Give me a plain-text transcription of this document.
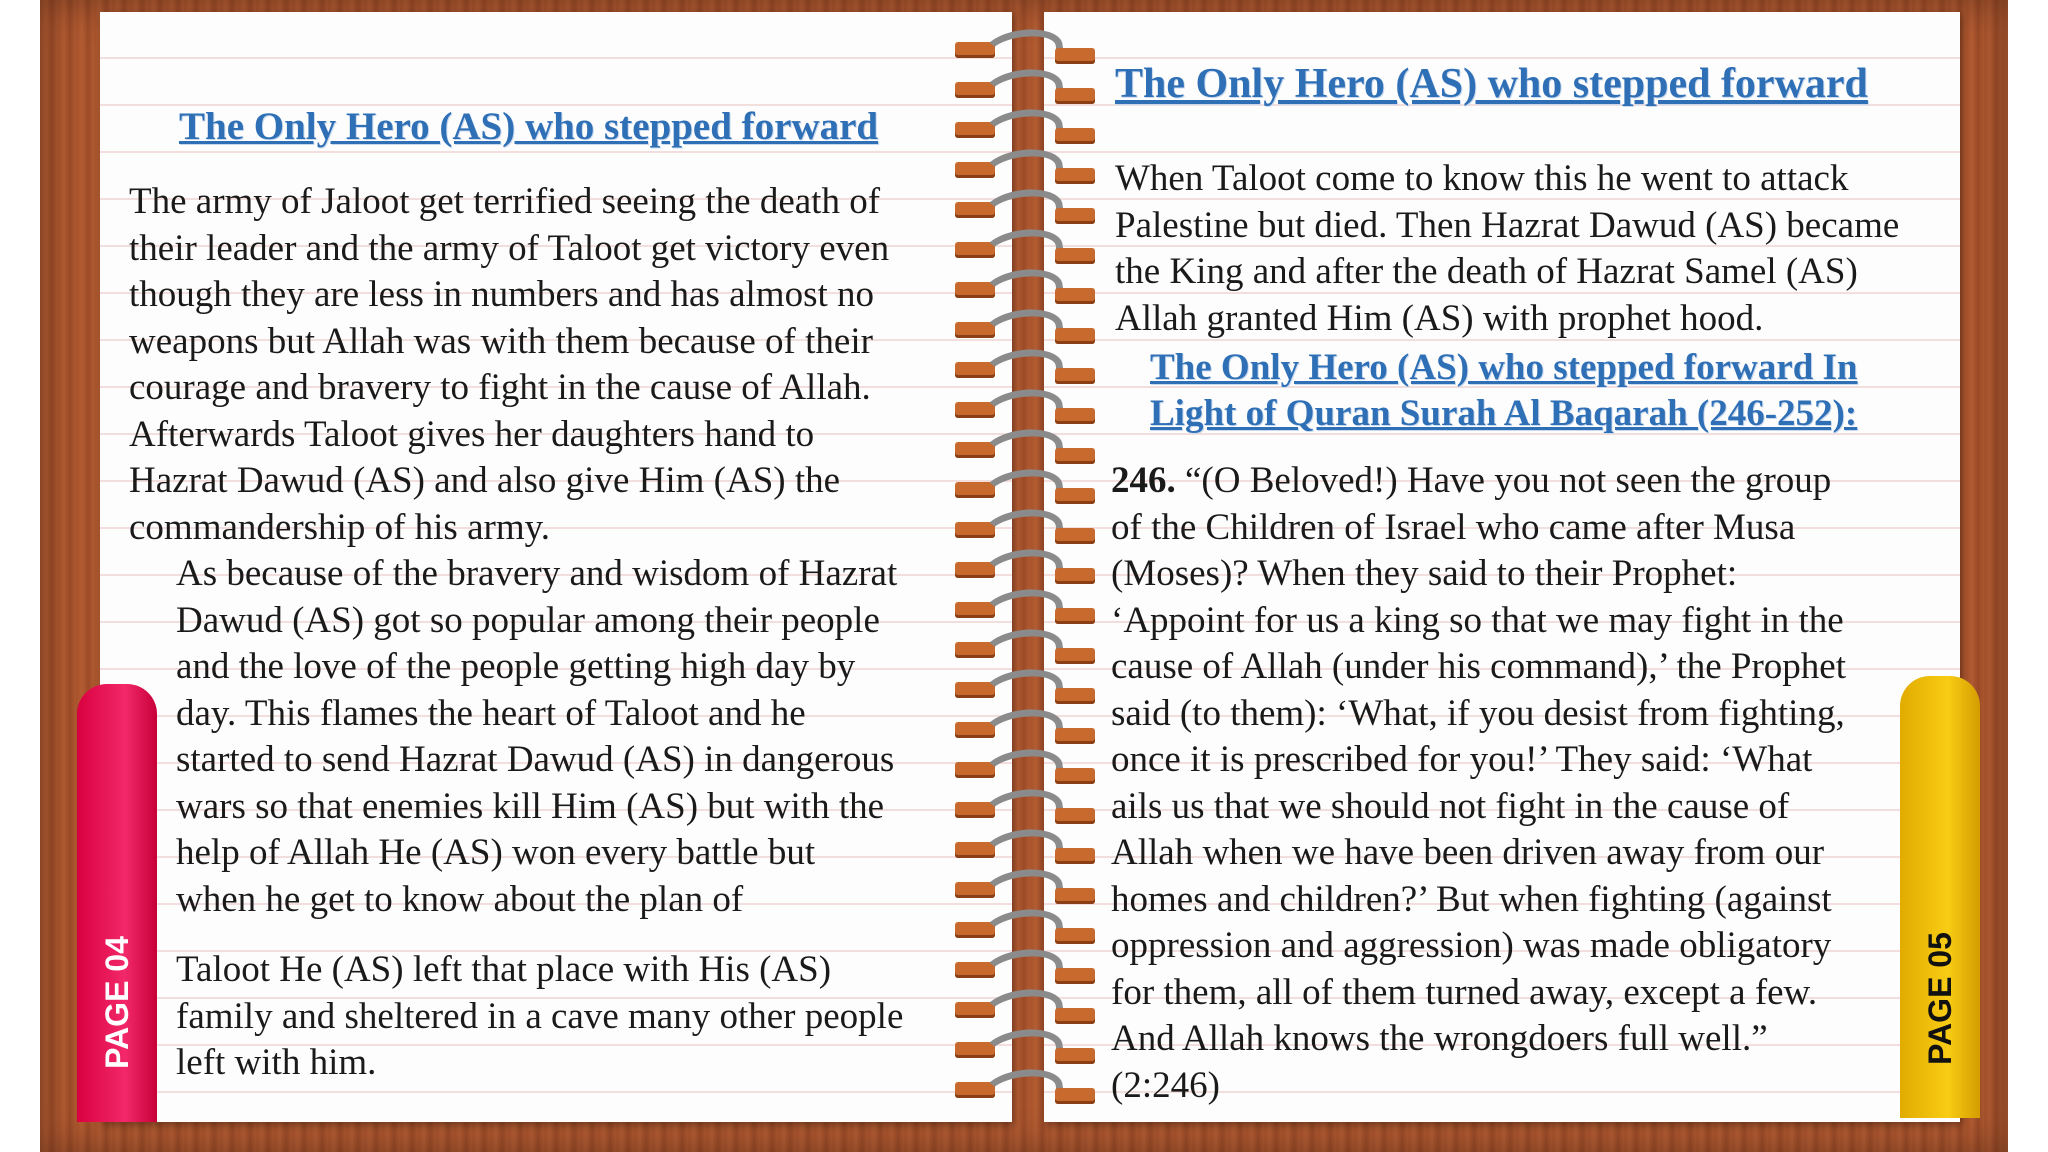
The Only Hero (AS) who stepped forward
The army of Jaloot get terrified seeing the death of
their leader and the army of Taloot get victory even
though they are less in numbers and has almost no
weapons but Allah was with them because of their
courage and bravery to fight in the cause of Allah.
Afterwards Taloot gives her daughters hand to
Hazrat Dawud (AS) and also give Him (AS) the
commandership of his army.
As because of the bravery and wisdom of Hazrat
Dawud (AS) got so popular among their people
and the love of the people getting high day by
day. This flames the heart of Taloot and he
started to send Hazrat Dawud (AS) in dangerous
wars so that enemies kill Him (AS) but with the
help of Allah He (AS) won every battle but
when he get to know about the plan of
Taloot He (AS) left that place with His (AS)
family and sheltered in a cave many other people
left with him.
The Only Hero (AS) who stepped forward
When Taloot come to know this he went to attack
Palestine but died. Then Hazrat Dawud (AS) became
the King and after the death of Hazrat Samel (AS)
Allah granted Him (AS) with prophet hood.
The Only Hero (AS) who stepped forward In
Light of Quran Surah Al Baqarah (246-252):
246. “(O Beloved!) Have you not seen the group
of the Children of Israel who came after Musa
(Moses)? When they said to their Prophet:
‘Appoint for us a king so that we may fight in the
cause of Allah (under his command),’ the Prophet
said (to them): ‘What, if you desist from fighting,
once it is prescribed for you!’ They said: ‘What
ails us that we should not fight in the cause of
Allah when we have been driven away from our
homes and children?’ But when fighting (against
oppression and aggression) was made obligatory
for them, all of them turned away, except a few.
And Allah knows the wrongdoers full well.”
(2:246)
PAGE 04	PAGE 05
